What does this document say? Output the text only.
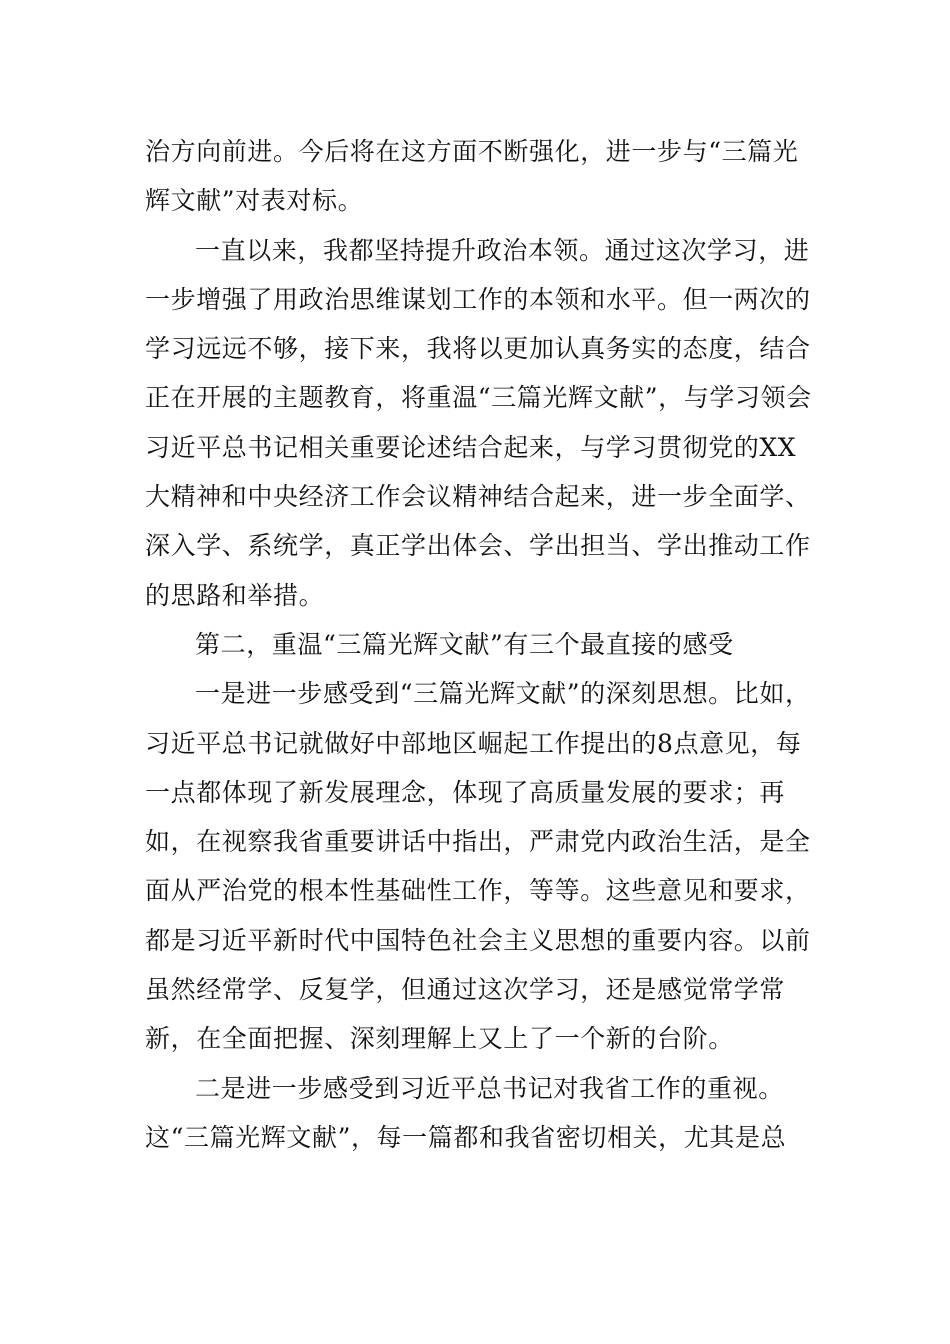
治方向前进。今后将在这方面不断强化，进一步与“三篇光辉文献”对表对标。

一直以来，我都坚持提升政治本领。通过这次学习，进一步增强了用政治思维谋划工作的本领和水平。但一两次的学习远远不够，接下来，我将以更加认真务实的态度，结合正在开展的主题教育，将重温“三篇光辉文献”，与学习领会习近平总书记相关重要论述结合起来，与学习贯彻党的XX大精神和中央经济工作会议精神结合起来，进一步全面学、深入学、系统学，真正学出体会、学出担当、学出推动工作的思路和举措。

第二，重温“三篇光辉文献”有三个最直接的感受

一是进一步感受到“三篇光辉文献”的深刻思想。比如，习近平总书记就做好中部地区崛起工作提出的8点意见，每一点都体现了新发展理念，体现了高质量发展的要求；再如，在视察我省重要讲话中指出，严肃党内政治生活，是全面从严治党的根本性基础性工作，等等。这些意见和要求，都是习近平新时代中国特色社会主义思想的重要内容。以前虽然经常学、反复学，但通过这次学习，还是感觉常学常新，在全面把握、深刻理解上又上了一个新的台阶。

二是进一步感受到习近平总书记对我省工作的重视。这“三篇光辉文献”，每一篇都和我省密切相关，尤其是总
